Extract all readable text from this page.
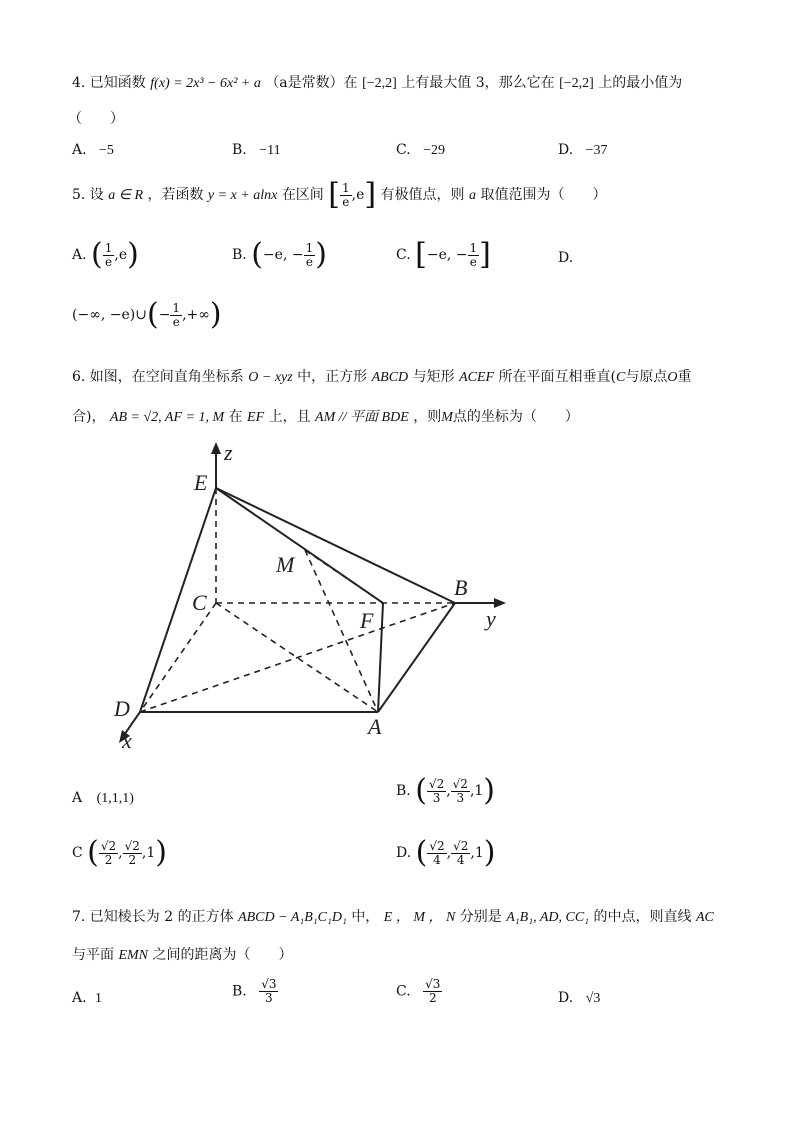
4. 已知函数 f(x) = 2x³ − 6x² + a （a是常数）在 [−2,2] 上有最大值 3，那么它在 [−2,2] 上的最小值为
（　　）
A. −5	B. −11	C. −29	D. −37
5. 设 a ∈ R ，若函数 y = x + alnx 在区间 [ $\frac{1}{e} ,e$] 有极值点，则 a 取值范围为（　　）
A. ( $\frac{1}{e} ,e$)	B. (−e, − $\frac{1}{e}$ )	C. [−e, − $\frac{1}{e}$ ]	D.
(−∞, −e)∪(− $\frac{1}{e}$ ,+∞)
6. 如图，在空间直角坐标系 O − xyz 中，正方形 ABCD 与矩形 ACEF 所在平面互相垂直(C与原点O重
合)， AB = √2, AF = 1, M 在 EF 上，且 AM // 平面 BDE ，则M点的坐标为（　　）
E
z
M
B
y
C
F
D
A
x
A (1,1,1)	B. ( $\frac{√2}{3}$ , $\frac{√2}{3} ,1$)
C ( $\frac{√2}{2}$ , $\frac{√2}{2} ,1$)	D. ( $\frac{√2}{4}$ , $\frac{√2}{4} ,1$)
7. 已知棱长为 2 的正方体 ABCD − A₁B₁C₁D₁ 中， E ， M ， N 分别是 A₁B₁, AD, CC₁ 的中点，则直线 AC
与平面 EMN 之间的距离为（　　）
A. 1	B. $\frac{√3}{3}$	C. $\frac{√3}{2}$	D. √3
